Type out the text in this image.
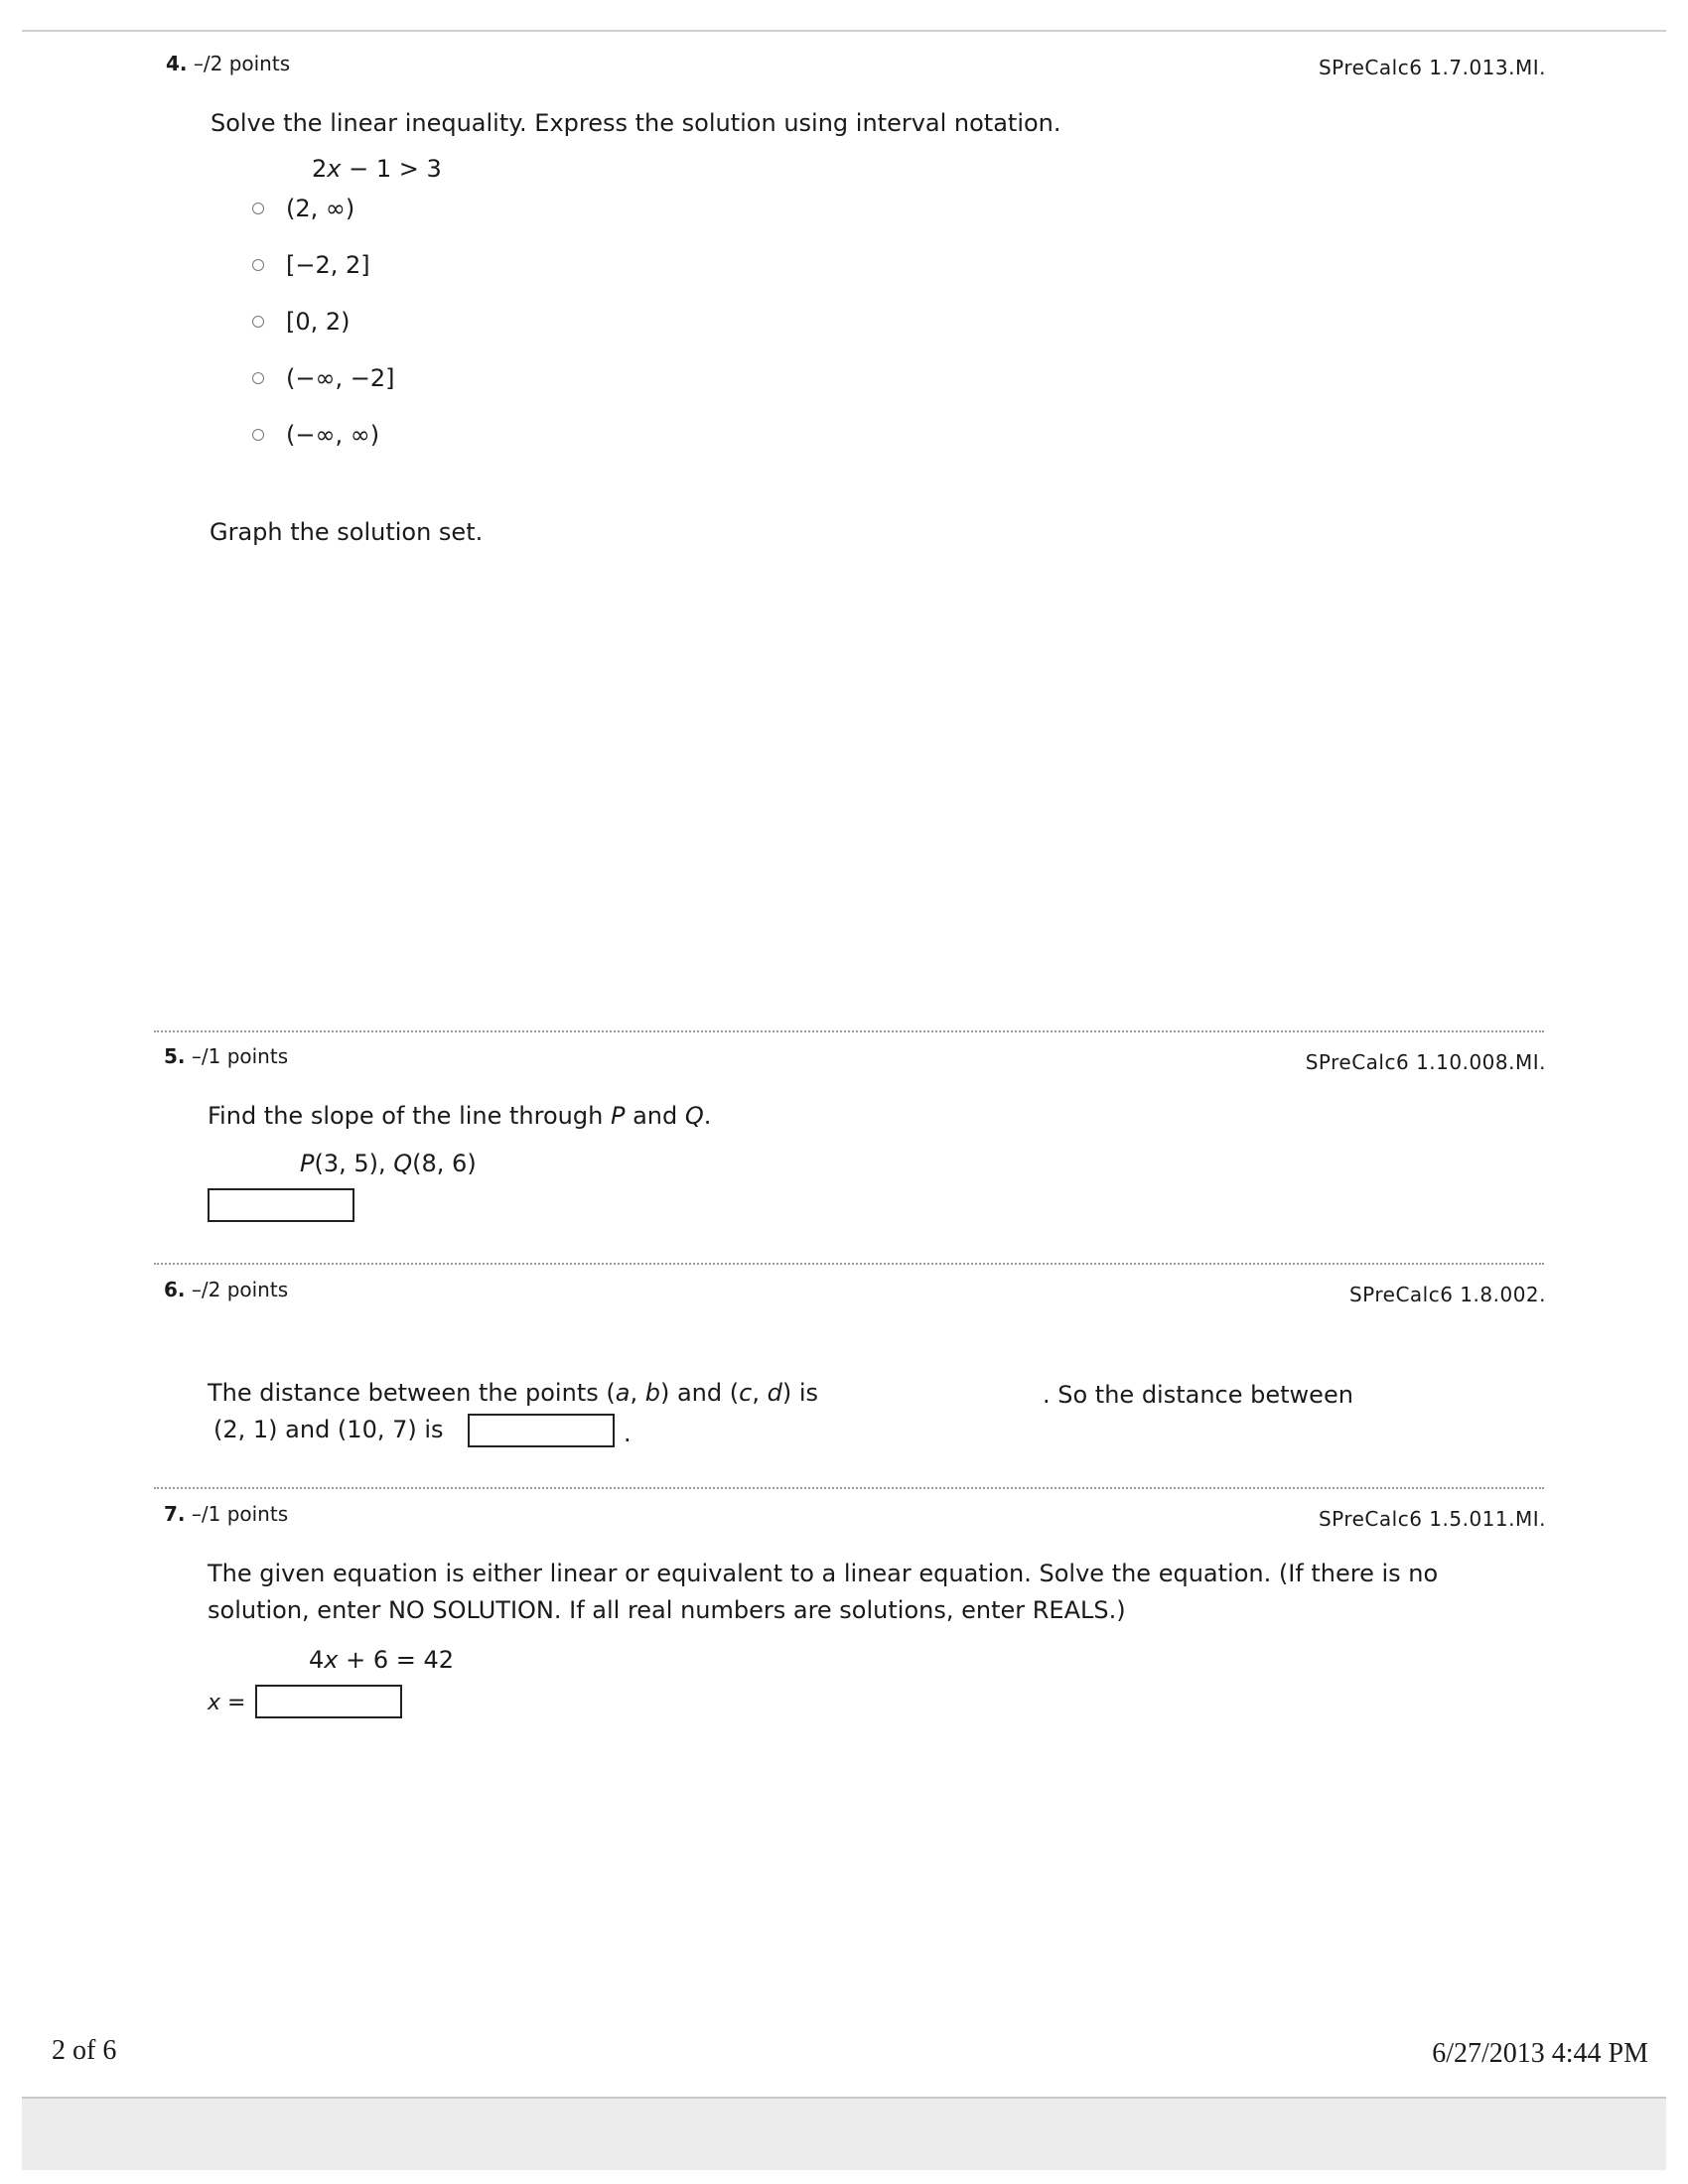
4. –/2 points	SPreCalc6 1.7.013.MI.
Solve the linear inequality. Express the solution using interval notation.
2x − 1 > 3
(2, ∞)
[−2, 2]
[0, 2)
(−∞, −2]
(−∞, ∞)
Graph the solution set.
5. –/1 points	SPreCalc6 1.10.008.MI.
Find the slope of the line through P and Q.
P(3, 5), Q(8, 6)
6. –/2 points	SPreCalc6 1.8.002.
The distance between the points (a, b) and (c, d) is	. So the distance between
(2, 1) and (10, 7) is	.
7. –/1 points	SPreCalc6 1.5.011.MI.
The given equation is either linear or equivalent to a linear equation. Solve the equation. (If there is no
solution, enter NO SOLUTION. If all real numbers are solutions, enter REALS.)
4x + 6 = 42
x =
2 of 6	6/27/2013 4:44 PM
